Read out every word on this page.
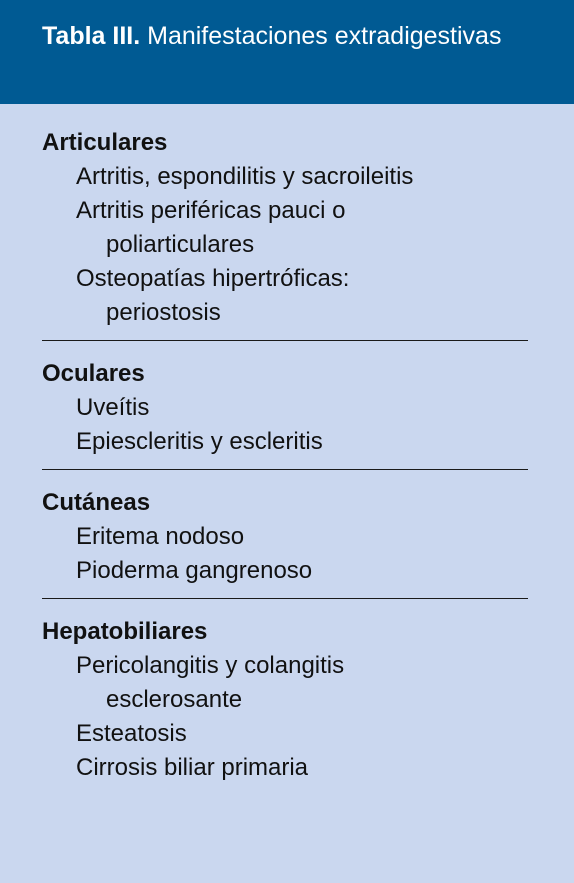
Tabla III. Manifestaciones extradigestivas
Articulares
Artritis, espondilitis y sacroileitis
Artritis periféricas pauci o
poliarticulares
Osteopatías hipertróficas:
periostosis
Oculares
Uveítis
Epiescleritis y escleritis
Cutáneas
Eritema nodoso
Pioderma gangrenoso
Hepatobiliares
Pericolangitis y colangitis
esclerosante
Esteatosis
Cirrosis biliar primaria
